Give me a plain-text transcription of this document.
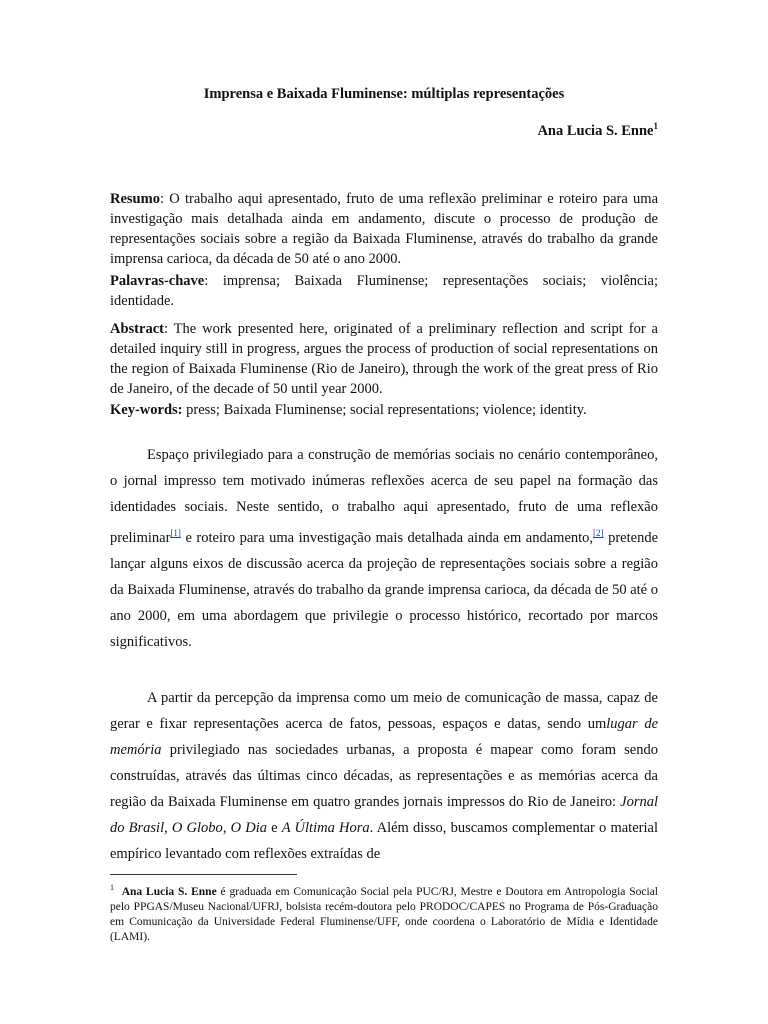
Imprensa e Baixada Fluminense: múltiplas representações
Ana Lucia S. Enne$^1$

Resumo: O trabalho aqui apresentado, fruto de uma reflexão preliminar e roteiro para uma investigação mais detalhada ainda em andamento, discute o processo de produção de representações sociais sobre a região da Baixada Fluminense, através do trabalho da grande imprensa carioca, da década de 50 até o ano 2000.

Palavras-chave: imprensa; Baixada Fluminense; representações sociais; violência; identidade.

Abstract: The work presented here, originated of a preliminary reflection and script for a detailed inquiry still in progress, argues the process of production of social representations on the region of Baixada Fluminense (Rio de Janeiro), through the work of the great press of Rio de Janeiro, of the decade of 50 until year 2000.

Key-words: press; Baixada Fluminense; social representations; violence; identity.

Espaço privilegiado para a construção de memórias sociais no cenário contemporâneo, o jornal impresso tem motivado inúmeras reflexões acerca de seu papel na formação das identidades sociais. Neste sentido, o trabalho aqui apresentado, fruto de uma reflexão preliminar[1] e roteiro para uma investigação mais detalhada ainda em andamento,[2] pretende lançar alguns eixos de discussão acerca da projeção de representações sociais sobre a região da Baixada Fluminense, através do trabalho da grande imprensa carioca, da década de 50 até o ano 2000, em uma abordagem que privilegie o processo histórico, recortado por marcos significativos.

A partir da percepção da imprensa como um meio de comunicação de massa, capaz de gerar e fixar representações acerca de fatos, pessoas, espaços e datas, sendo umlugar de memória privilegiado nas sociedades urbanas, a proposta é mapear como foram sendo construídas, através das últimas cinco décadas, as representações e as memórias acerca da região da Baixada Fluminense em quatro grandes jornais impressos do Rio de Janeiro: Jornal do Brasil, O Globo, O Dia e A Última Hora. Além disso, buscamos complementar o material empírico levantado com reflexões extraídas de

$^1$ Ana Lucia S. Enne é graduada em Comunicação Social pela PUC/RJ, Mestre e Doutora em Antropologia Social pelo PPGAS/Museu Nacional/UFRJ, bolsista recém-doutora pelo PRODOC/CAPES no Programa de Pós-Graduação em Comunicação da Universidade Federal Fluminense/UFF, onde coordena o Laboratório de Mídia e Identidade (LAMI).
